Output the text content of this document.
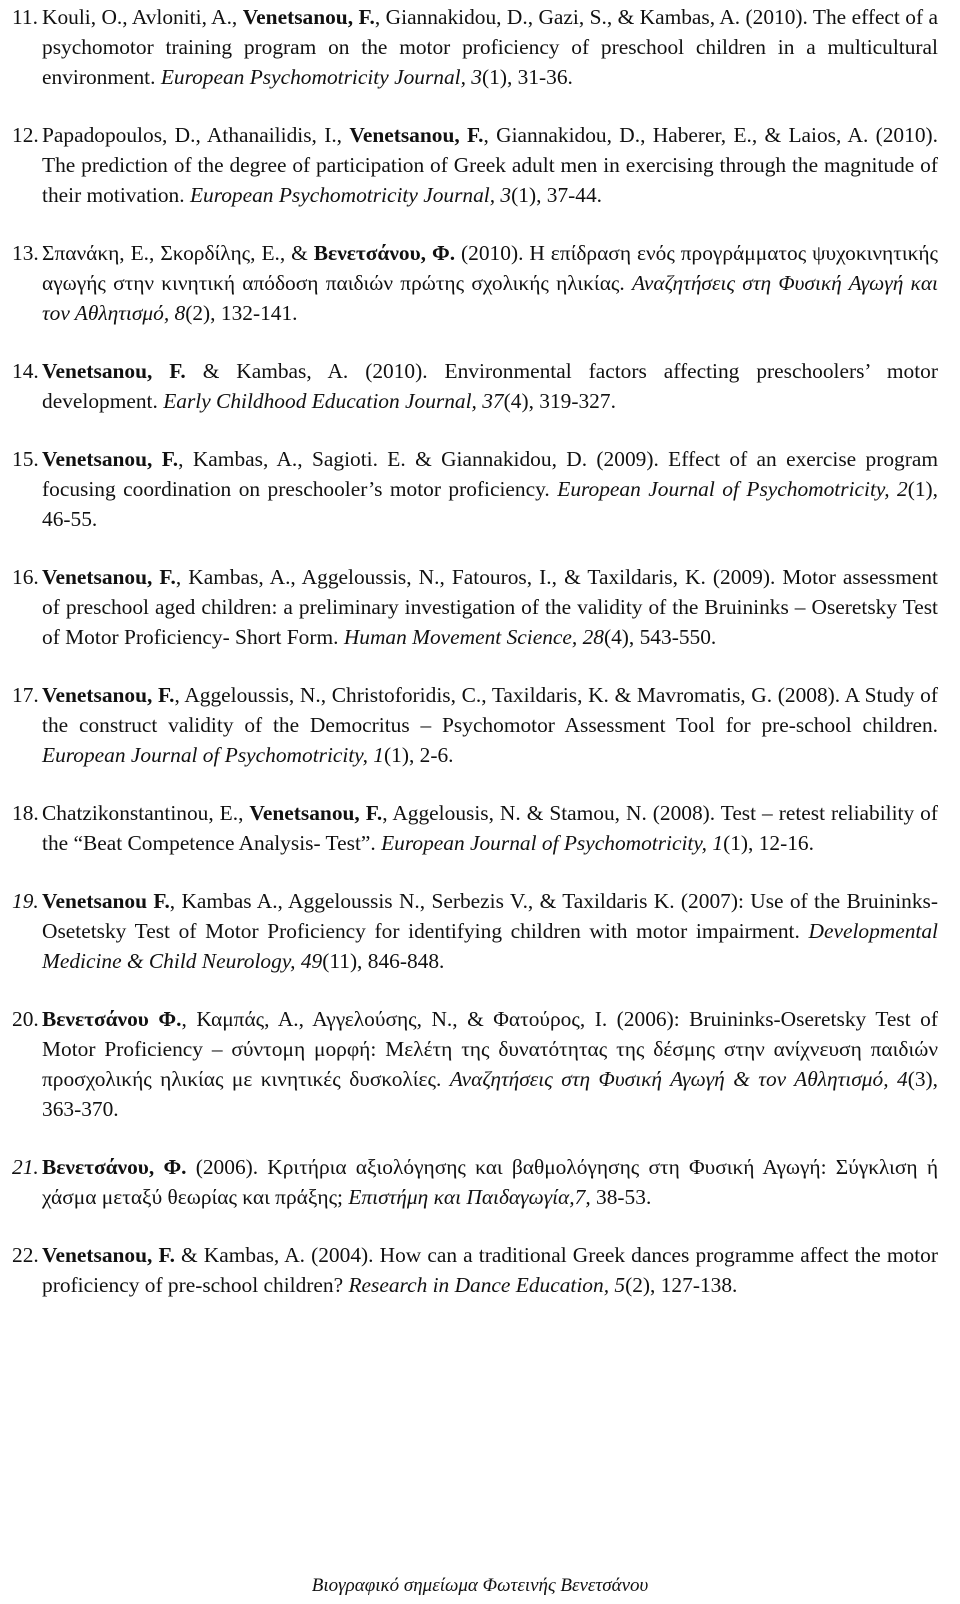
11. Kouli, O., Avloniti, A., Venetsanou, F., Giannakidou, D., Gazi, S., & Kambas, A. (2010). The effect of a psychomotor training program on the motor proficiency of preschool children in a multicultural environment. European Psychomotricity Journal, 3(1), 31-36.
12. Papadopoulos, D., Athanailidis, I., Venetsanou, F., Giannakidou, D., Haberer, E., & Laios, A. (2010). The prediction of the degree of participation of Greek adult men in exercising through the magnitude of their motivation. European Psychomotricity Journal, 3(1), 37-44.
13. Σπανάκη, Ε., Σκορδίλης, Ε., & Βενετσάνου, Φ. (2010). Η επίδραση ενός προγράμματος ψυχοκινητικής αγωγής στην κινητική απόδοση παιδιών πρώτης σχολικής ηλικίας. Αναζητήσεις στη Φυσική Αγωγή και τον Αθλητισμό, 8(2), 132-141.
14. Venetsanou, F. & Kambas, A. (2010). Environmental factors affecting preschoolers’ motor development. Early Childhood Education Journal, 37(4), 319-327.
15. Venetsanou, F., Kambas, A., Sagioti. E. & Giannakidou, D. (2009). Effect of an exercise program focusing coordination on preschooler’s motor proficiency. European Journal of Psychomotricity, 2(1), 46-55.
16. Venetsanou, F., Kambas, A., Aggeloussis, N., Fatouros, I., & Taxildaris, K. (2009). Motor assessment of preschool aged children: a preliminary investigation of the validity of the Bruininks – Oseretsky Test of Motor Proficiency- Short Form. Human Movement Science, 28(4), 543-550.
17. Venetsanou, F., Aggeloussis, N., Christoforidis, C., Taxildaris, K. & Mavromatis, G. (2008). A Study of the construct validity of the Democritus – Psychomotor Assessment Tool for pre-school children. European Journal of Psychomotricity, 1(1), 2-6.
18. Chatzikonstantinou, E., Venetsanou, F., Aggelousis, N. & Stamou, N. (2008). Test – retest reliability of the “Beat Competence Analysis- Test”. European Journal of Psychomotricity, 1(1), 12-16.
19. Venetsanou F., Kambas A., Aggeloussis N., Serbezis V., & Taxildaris K. (2007): Use of the Bruininks-Osetetsky Test of Motor Proficiency for identifying children with motor impairment. Developmental Medicine & Child Neurology, 49(11), 846-848.
20. Βενετσάνου Φ., Καμπάς, Α., Αγγελούσης, Ν., & Φατούρος, Ι. (2006): Bruininks-Oseretsky Test of Motor Proficiency – σύντομη μορφή: Μελέτη της δυνατότητας της δέσμης στην ανίχνευση παιδιών προσχολικής ηλικίας με κινητικές δυσκολίες. Αναζητήσεις στη Φυσική Αγωγή & τον Αθλητισμό, 4(3), 363-370.
21. Βενετσάνου, Φ. (2006). Κριτήρια αξιολόγησης και βαθμολόγησης στη Φυσική Αγωγή: Σύγκλιση ή χάσμα μεταξύ θεωρίας και πράξης; Επιστήμη και Παιδαγωγία,7, 38-53.
22. Venetsanou, F. & Kambas, A. (2004). How can a traditional Greek dances programme affect the motor proficiency of pre-school children? Research in Dance Education, 5(2), 127-138.
Βιογραφικό σημείωμα Φωτεινής Βενετσάνου
